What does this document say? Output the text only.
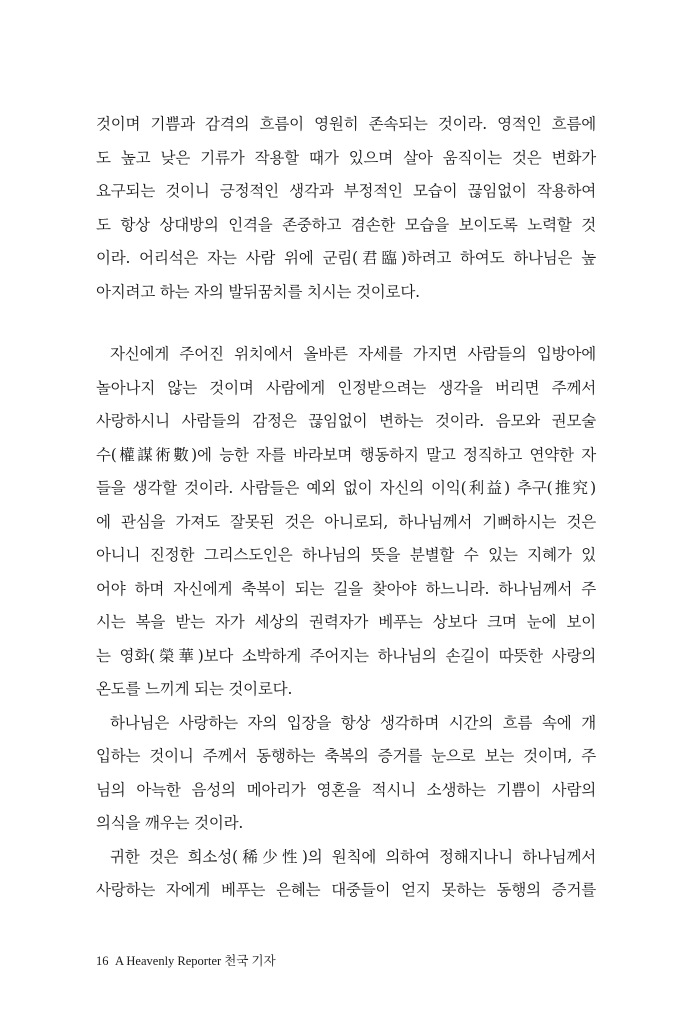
것이며 기쁨과 감격의 흐름이 영원히 존속되는 것이라. 영적인 흐름에
도 높고 낮은 기류가 작용할 때가 있으며 살아 움직이는 것은 변화가
요구되는 것이니 긍정적인 생각과 부정적인 모습이 끊임없이 작용하여
도 항상 상대방의 인격을 존중하고 겸손한 모습을 보이도록 노력할 것
이라. 어리석은 자는 사람 위에 군림(君臨)하려고 하여도 하나님은 높
아지려고 하는 자의 발뒤꿈치를 치시는 것이로다.
자신에게 주어진 위치에서 올바른 자세를 가지면 사람들의 입방아에
놀아나지 않는 것이며 사람에게 인정받으려는 생각을 버리면 주께서
사랑하시니 사람들의 감정은 끊임없이 변하는 것이라. 음모와 권모술
수(權謀術數)에 능한 자를 바라보며 행동하지 말고 정직하고 연약한 자
들을 생각할 것이라. 사람들은 예외 없이 자신의 이익(利益) 추구(推究)
에 관심을 가져도 잘못된 것은 아니로되, 하나님께서 기뻐하시는 것은
아니니 진정한 그리스도인은 하나님의 뜻을 분별할 수 있는 지혜가 있
어야 하며 자신에게 축복이 되는 길을 찾아야 하느니라. 하나님께서 주
시는 복을 받는 자가 세상의 권력자가 베푸는 상보다 크며 눈에 보이
는 영화(榮華)보다 소박하게 주어지는 하나님의 손길이 따뜻한 사랑의
온도를 느끼게 되는 것이로다.
하나님은 사랑하는 자의 입장을 항상 생각하며 시간의 흐름 속에 개
입하는 것이니 주께서 동행하는 축복의 증거를 눈으로 보는 것이며, 주
님의 아늑한 음성의 메아리가 영혼을 적시니 소생하는 기쁨이 사람의
의식을 깨우는 것이라.
귀한 것은 희소성(稀少性)의 원칙에 의하여 정해지나니 하나님께서
사랑하는 자에게 베푸는 은혜는 대중들이 얻지 못하는 동행의 증거를
16 A Heavenly Reporter 천국 기자
